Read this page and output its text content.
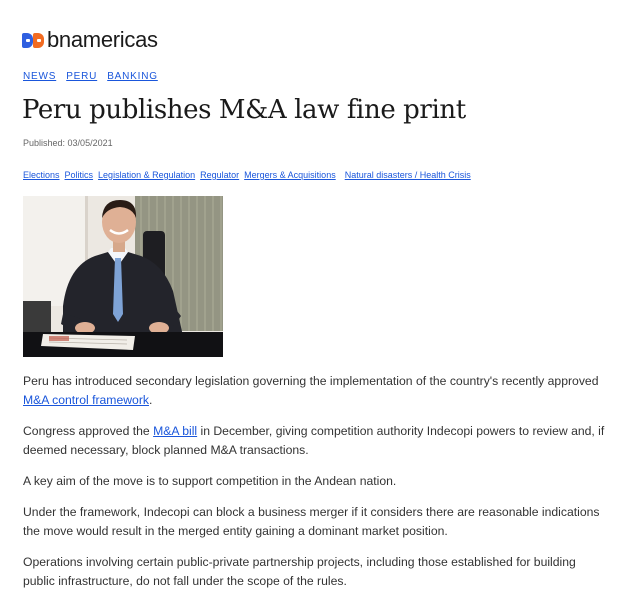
bnamericas
NEWS PERU BANKING
Peru publishes M&A law fine print
Published: 03/05/2021
Elections Politics Legislation & Regulation Regulator Mergers & Acquisitions Natural disasters / Health Crisis

Peru has introduced secondary legislation governing the implementation of the country's recently approved M&A control framework.

Congress approved the M&A bill in December, giving competition authority Indecopi powers to review and, if deemed necessary, block planned M&A transactions.

A key aim of the move is to support competition in the Andean nation.

Under the framework, Indecopi can block a business merger if it considers there are reasonable indications the move would result in the merged entity gaining a dominant market position.

Operations involving certain public-private partnership projects, including those established for building public infrastructure, do not fall under the scope of the rules.
